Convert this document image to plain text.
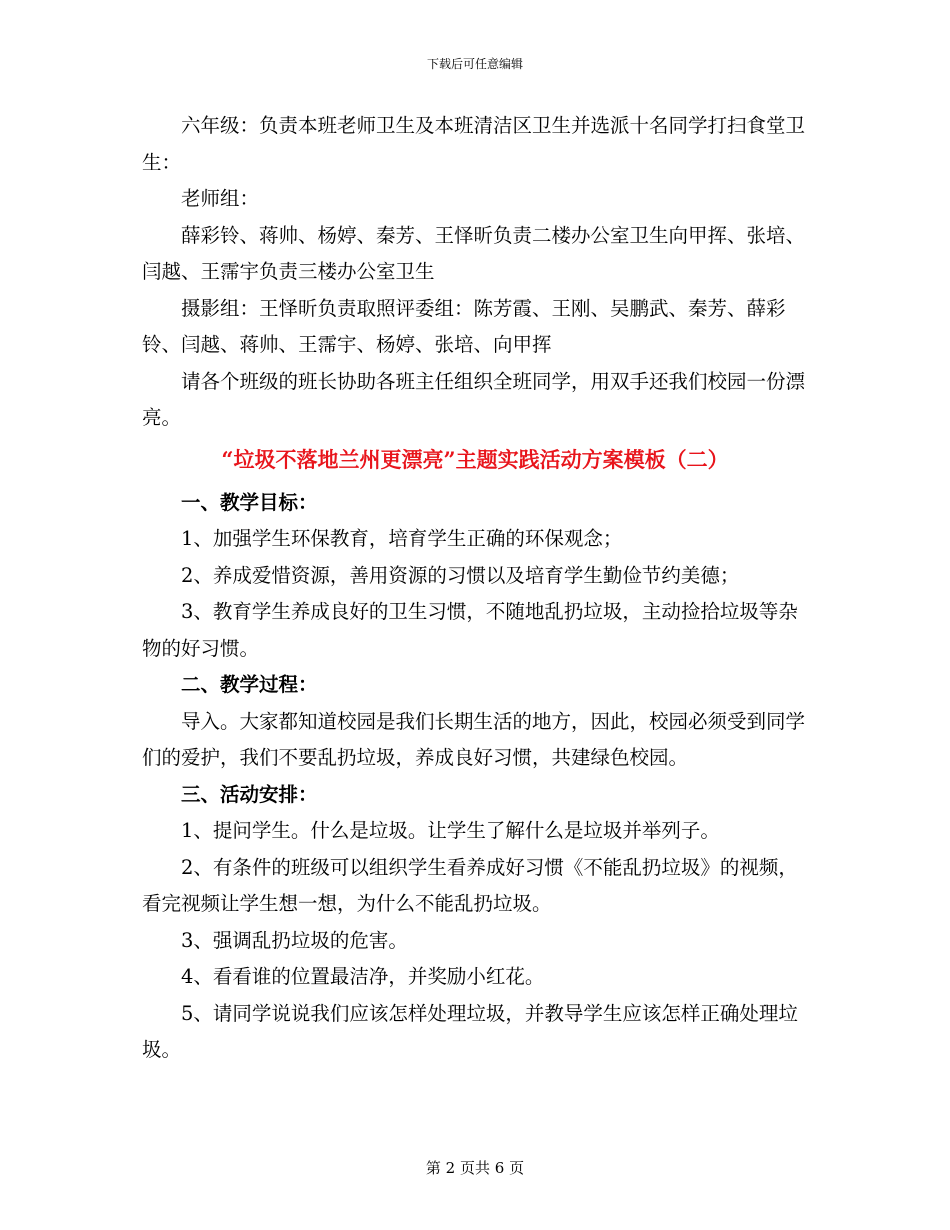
下载后可任意编辑

六年级：负责本班老师卫生及本班清洁区卫生并选派十名同学打扫食堂卫生：

老师组：

薛彩铃、蒋帅、杨婷、秦芳、王怿昕负责二楼办公室卫生向甲挥、张培、闫越、王霈宇负责三楼办公室卫生

摄影组：王怿昕负责取照评委组：陈芳霞、王刚、吴鹏武、秦芳、薛彩铃、闫越、蒋帅、王霈宇、杨婷、张培、向甲挥

请各个班级的班长协助各班主任组织全班同学，用双手还我们校园一份漂亮。

“垃圾不落地兰州更漂亮”主题实践活动方案模板（二）

一、教学目标：

1、加强学生环保教育，培育学生正确的环保观念；

2、养成爱惜资源，善用资源的习惯以及培育学生勤俭节约美德；

3、教育学生养成良好的卫生习惯，不随地乱扔垃圾，主动捡拾垃圾等杂物的好习惯。

二、教学过程：

导入。大家都知道校园是我们长期生活的地方，因此，校园必须受到同学们的爱护，我们不要乱扔垃圾，养成良好习惯，共建绿色校园。

三、活动安排：

1、提问学生。什么是垃圾。让学生了解什么是垃圾并举列子。

2、有条件的班级可以组织学生看养成好习惯《不能乱扔垃圾》的视频，看完视频让学生想一想，为什么不能乱扔垃圾。

3、强调乱扔垃圾的危害。

4、看看谁的位置最洁净，并奖励小红花。

5、请同学说说我们应该怎样处理垃圾，并教导学生应该怎样正确处理垃圾。

第 2 页共 6 页
